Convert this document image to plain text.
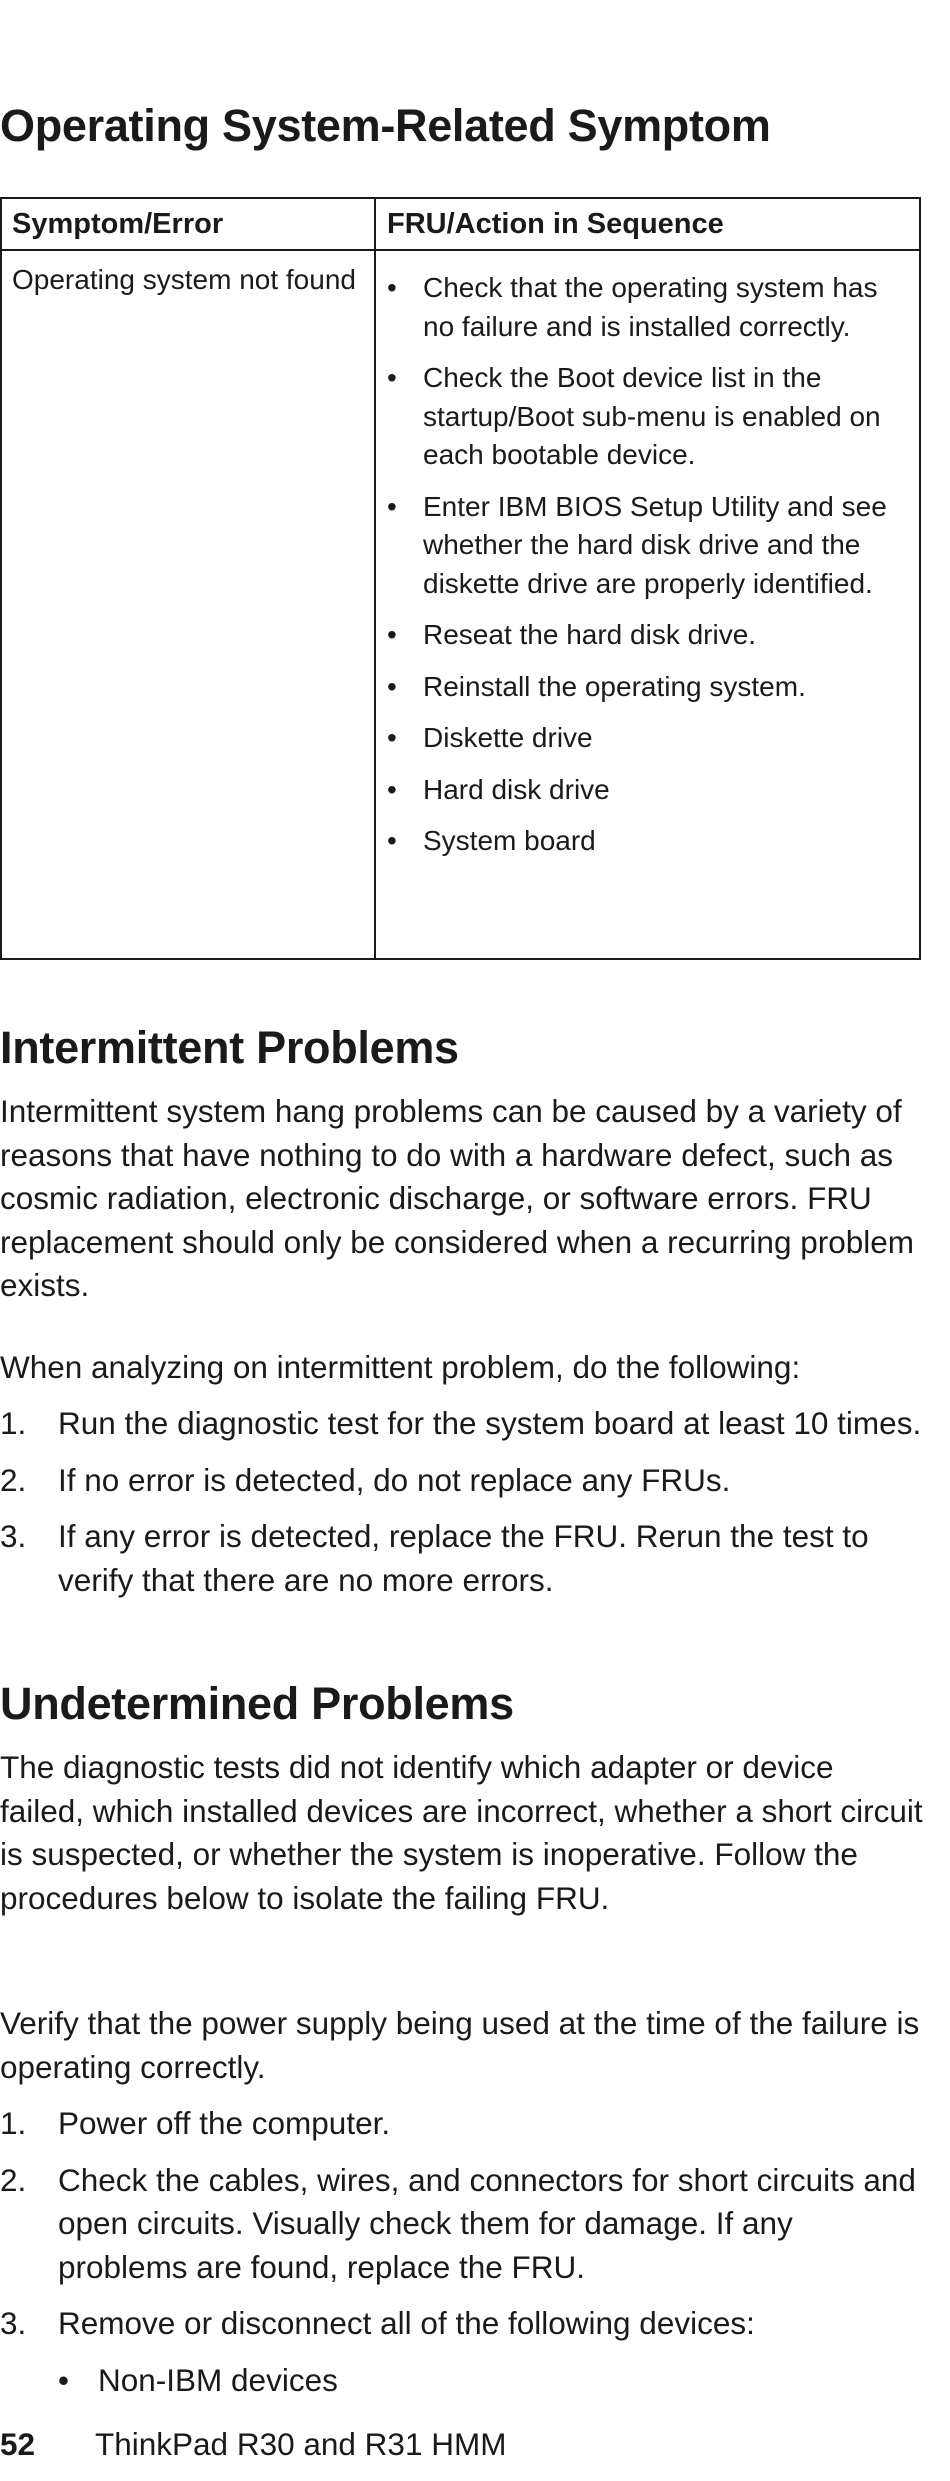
Operating System-Related Symptom
Symptom/Error	FRU/Action in Sequence
Operating system not found • Check that the operating system has no failure and is installed correctly.
• Check the Boot device list in the startup/Boot sub-menu is enabled on each bootable device.
• Enter IBM BIOS Setup Utility and see whether the hard disk drive and the diskette drive are properly identified.
• Reseat the hard disk drive.
• Reinstall the operating system.
• Diskette drive
• Hard disk drive
• System board
Intermittent Problems

Intermittent system hang problems can be caused by a variety of reasons that have nothing to do with a hardware defect, such as cosmic radiation, electronic discharge, or software errors. FRU replacement should only be considered when a recurring problem exists.

When analyzing on intermittent problem, do the following:

1. Run the diagnostic test for the system board at least 10 times.
2. If no error is detected, do not replace any FRUs.
3. If any error is detected, replace the FRU. Rerun the test to verify that there are no more errors.
Undetermined Problems

The diagnostic tests did not identify which adapter or device failed, which installed devices are incorrect, whether a short circuit is suspected, or whether the system is inoperative. Follow the procedures below to isolate the failing FRU.

Verify that the power supply being used at the time of the failure is operating correctly.

1. Power off the computer.
2. Check the cables, wires, and connectors for short circuits and open circuits. Visually check them for damage. If any problems are found, replace the FRU.
3. Remove or disconnect all of the following devices:
• Non-IBM devices
52 ThinkPad R30 and R31 HMM
